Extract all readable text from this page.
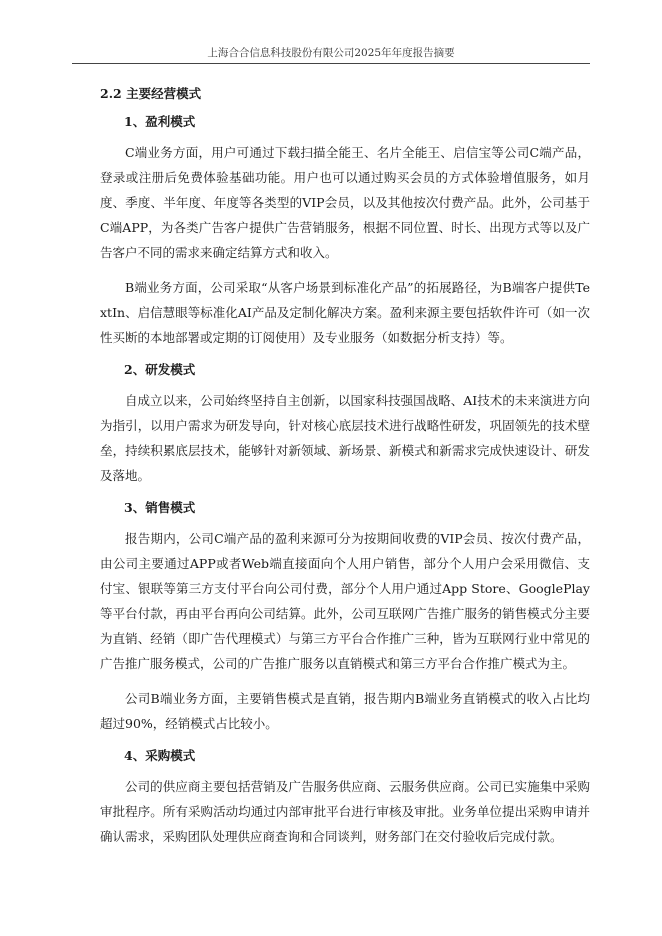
上海合合信息科技股份有限公司2025年年度报告摘要
2.2 主要经营模式
1、盈利模式

C端业务方面，用户可通过下载扫描全能王、名片全能王、启信宝等公司C端产品，登录或注册后免费体验基础功能。用户也可以通过购买会员的方式体验增值服务，如月度、季度、半年度、年度等各类型的VIP会员，以及其他按次付费产品。此外，公司基于C端APP，为各类广告客户提供广告营销服务，根据不同位置、时长、出现方式等以及广告客户不同的需求来确定结算方式和收入。

B端业务方面，公司采取“从客户场景到标准化产品”的拓展路径，为B端客户提供TextIn、启信慧眼等标准化AI产品及定制化解决方案。盈利来源主要包括软件许可（如一次性买断的本地部署或定期的订阅使用）及专业服务（如数据分析支持）等。

2、研发模式

自成立以来，公司始终坚持自主创新，以国家科技强国战略、AI技术的未来演进方向为指引，以用户需求为研发导向，针对核心底层技术进行战略性研发，巩固领先的技术壁垒，持续积累底层技术，能够针对新领域、新场景、新模式和新需求完成快速设计、研发及落地。

3、销售模式

报告期内，公司C端产品的盈利来源可分为按期间收费的VIP会员、按次付费产品，由公司主要通过APP或者Web端直接面向个人用户销售，部分个人用户会采用微信、支付宝、银联等第三方支付平台向公司付费，部分个人用户通过App Store、GooglePlay等平台付款，再由平台再向公司结算。此外，公司互联网广告推广服务的销售模式分主要为直销、经销（即广告代理模式）与第三方平台合作推广三种，皆为互联网行业中常见的广告推广服务模式，公司的广告推广服务以直销模式和第三方平台合作推广模式为主。

公司B端业务方面，主要销售模式是直销，报告期内B端业务直销模式的收入占比均超过90%，经销模式占比较小。

4、采购模式

公司的供应商主要包括营销及广告服务供应商、云服务供应商。公司已实施集中采购审批程序。所有采购活动均通过内部审批平台进行审核及审批。业务单位提出采购申请并确认需求，采购团队处理供应商查询和合同谈判，财务部门在交付验收后完成付款。
